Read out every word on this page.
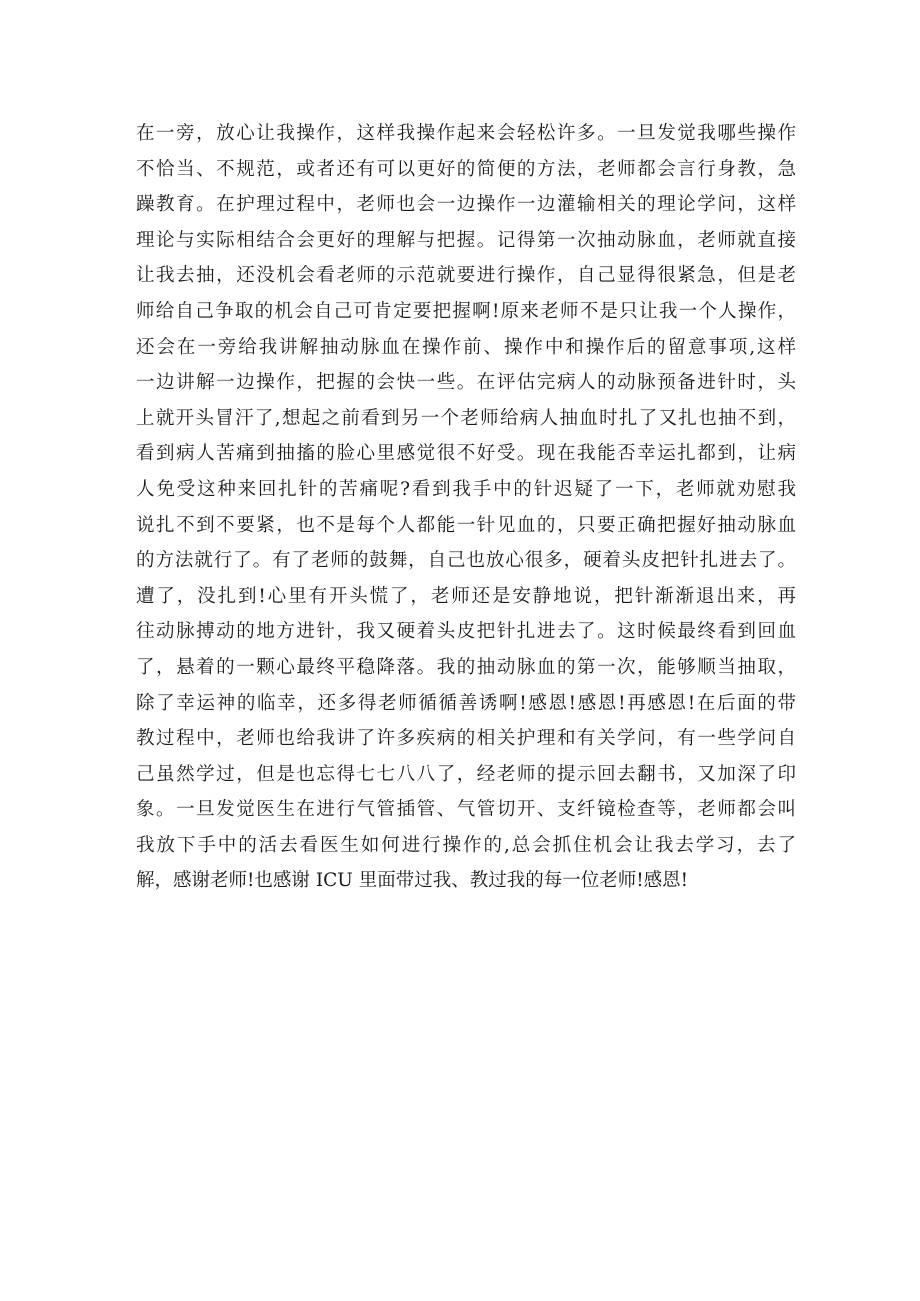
在一旁，放心让我操作，这样我操作起来会轻松许多。一旦发觉我哪些操作
不恰当、不规范，或者还有可以更好的简便的方法，老师都会言行身教，急
躁教育。在护理过程中，老师也会一边操作一边灌输相关的理论学问，这样
理论与实际相结合会更好的理解与把握。记得第一次抽动脉血，老师就直接
让我去抽，还没机会看老师的示范就要进行操作，自己显得很紧急，但是老
师给自己争取的机会自己可肯定要把握啊!原来老师不是只让我一个人操作，
还会在一旁给我讲解抽动脉血在操作前、操作中和操作后的留意事项,这样
一边讲解一边操作，把握的会快一些。在评估完病人的动脉预备进针时，头
上就开头冒汗了,想起之前看到另一个老师给病人抽血时扎了又扎也抽不到，
看到病人苦痛到抽搐的脸心里感觉很不好受。现在我能否幸运扎都到，让病
人免受这种来回扎针的苦痛呢?看到我手中的针迟疑了一下，老师就劝慰我
说扎不到不要紧，也不是每个人都能一针见血的，只要正确把握好抽动脉血
的方法就行了。有了老师的鼓舞，自己也放心很多，硬着头皮把针扎进去了。
遭了，没扎到!心里有开头慌了，老师还是安静地说，把针渐渐退出来，再
往动脉搏动的地方进针，我又硬着头皮把针扎进去了。这时候最终看到回血
了，悬着的一颗心最终平稳降落。我的抽动脉血的第一次，能够顺当抽取，
除了幸运神的临幸，还多得老师循循善诱啊!感恩!感恩!再感恩!在后面的带
教过程中，老师也给我讲了许多疾病的相关护理和有关学问，有一些学问自
己虽然学过，但是也忘得七七八八了，经老师的提示回去翻书，又加深了印
象。一旦发觉医生在进行气管插管、气管切开、支纤镜检查等，老师都会叫
我放下手中的活去看医生如何进行操作的,总会抓住机会让我去学习，去了
解，感谢老师!也感谢 ICU 里面带过我、教过我的每一位老师!感恩!
